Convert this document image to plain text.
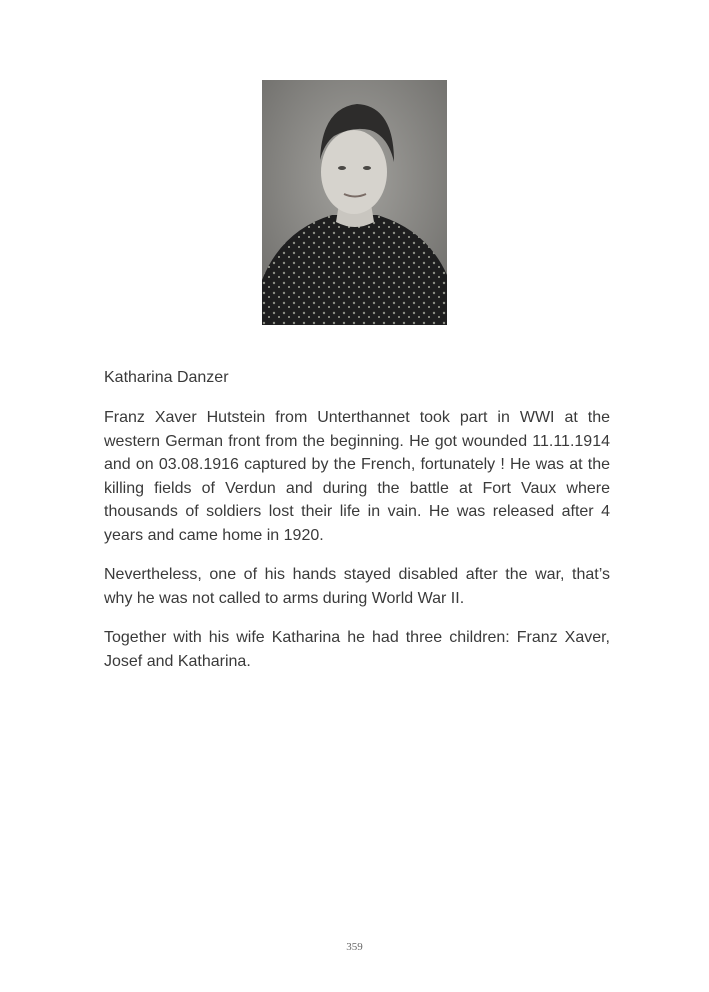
Katharina Danzer

Franz Xaver Hutstein from Unterthannet took part in WWI at the western German front from the beginning. He got wounded 11.11.1914 and on 03.08.1916 captured by the French, fortunately ! He was at the killing fields of Verdun and during the battle at Fort Vaux where thousands of soldiers lost their life in vain. He was released after 4 years and came home in 1920.

Nevertheless, one of his hands stayed disabled after the war, that’s why he was not called to arms during World War II.

Together with his wife Katharina he had three children: Franz Xaver, Josef and Katharina.

359
